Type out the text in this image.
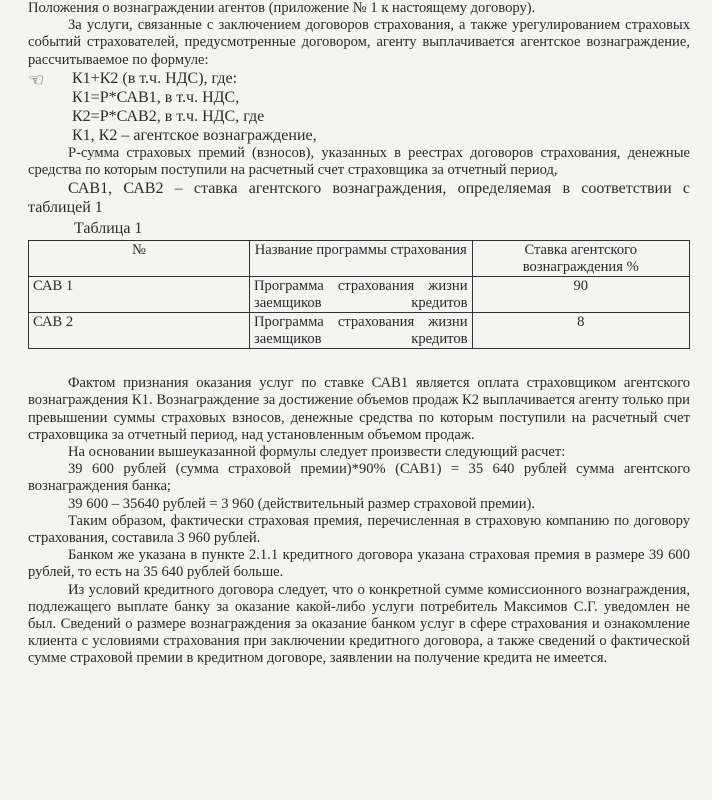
Положения о вознаграждении агентов (приложение № 1 к настоящему договору).

За услуги, связанные с заключением договоров страхования, а также урегулированием страховых событий страхователей, предусмотренные договором, агенту выплачивается агентское вознаграждение, рассчитываемое по формуле:

☜ К1+К2 (в т.ч. НДС), где:
К1=Р*САВ1, в т.ч. НДС,
К2=Р*САВ2, в т.ч. НДС, где
К1, К2 – агентское вознаграждение,

Р-сумма страховых премий (взносов), указанных в реестрах договоров страхования, денежные средства по которым поступили на расчетный счет страховщика за отчетный период,

САВ1, САВ2 – ставка агентского вознаграждения, определяемая в соответствии с таблицей 1

Таблица 1
№	Название программы страхования	Ставка агентского вознаграждения %
САВ 1	Программа страхования жизни заемщиков кредитов	90
САВ 2	Программа страхования жизни заемщиков кредитов	8

Фактом признания оказания услуг по ставке САВ1 является оплата страховщиком агентского вознаграждения К1. Вознаграждение за достижение объемов продаж К2 выплачивается агенту только при превышении суммы страховых взносов, денежные средства по которым поступили на расчетный счет страховщика за отчетный период, над установленным объемом продаж.

На основании вышеуказанной формулы следует произвести следующий расчет:

39 600 рублей (сумма страховой премии)*90% (САВ1) = 35 640 рублей сумма агентского вознаграждения банка;

39 600 – 35640 рублей = 3 960 (действительный размер страховой премии).

Таким образом, фактически страховая премия, перечисленная в страховую компанию по договору страхования, составила 3 960 рублей.

Банком же указана в пункте 2.1.1 кредитного договора указана страховая премия в размере 39 600 рублей, то есть на 35 640 рублей больше.

Из условий кредитного договора следует, что о конкретной сумме комиссионного вознаграждения, подлежащего выплате банку за оказание какой-либо услуги потребитель Максимов С.Г. уведомлен не был. Сведений о размере вознаграждения за оказание банком услуг в сфере страхования и ознакомление клиента с условиями страхования при заключении кредитного договора, а также сведений о фактической сумме страховой премии в кредитном договоре, заявлении на получение кредита не имеется.
